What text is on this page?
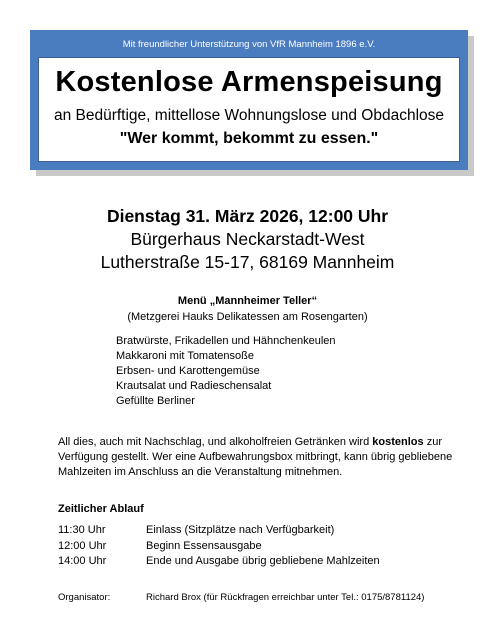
Mit freundlicher Unterstützung von VfR Mannheim 1896 e.V.
Kostenlose Armenspeisung
an Bedürftige, mittellose Wohnungslose und Obdachlose
"Wer kommt, bekommt zu essen."
Dienstag 31. März 2026, 12:00 Uhr
Bürgerhaus Neckarstadt-West
Lutherstraße 15-17, 68169 Mannheim
Menü „Mannheimer Teller“
(Metzgerei Hauks Delikatessen am Rosengarten)
Bratwürste, Frikadellen und Hähnchenkeulen
Makkaroni mit Tomatensoße
Erbsen- und Karottengemüse
Krautsalat und Radieschensalat
Gefüllte Berliner
All dies, auch mit Nachschlag, und alkoholfreien Getränken wird kostenlos zur Verfügung gestellt. Wer eine Aufbewahrungsbox mitbringt, kann übrig gebliebene Mahlzeiten im Anschluss an die Veranstaltung mitnehmen.
Zeitlicher Ablauf
11:30 Uhr	Einlass (Sitzplätze nach Verfügbarkeit)
12:00 Uhr	Beginn Essensausgabe
14:00 Uhr	Ende und Ausgabe übrig gebliebene Mahlzeiten
Organisator:	Richard Brox (für Rückfragen erreichbar unter Tel.: 0175/8781124)
